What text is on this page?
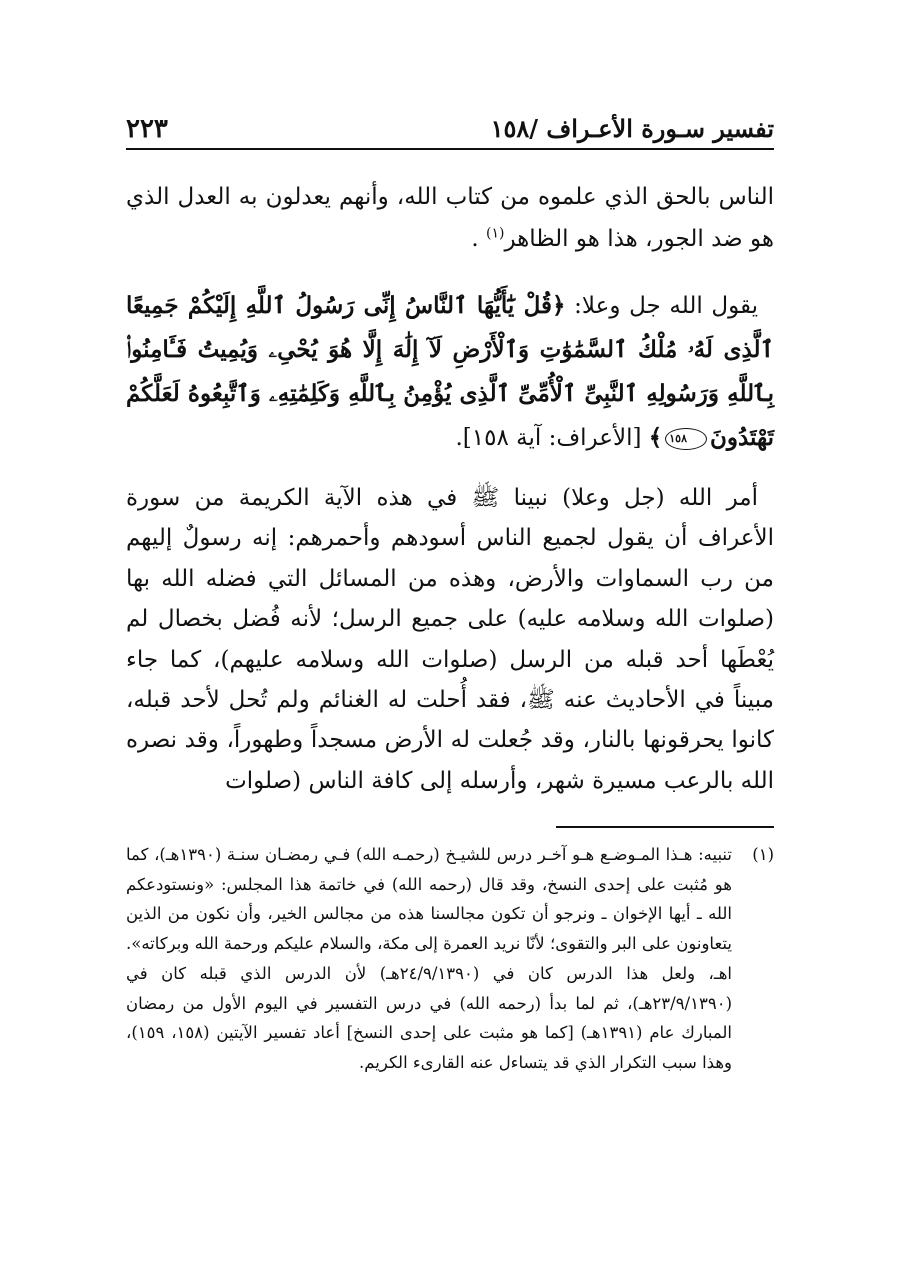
تفسير سـورة الأعـراف /١٥٨
٢٢٣

الناس بالحق الذي علموه من كتاب الله، وأنهم يعدلون به العدل الذي هو ضد الجور، هذا هو الظاهر$^{(١)}$ .

يقول الله جل وعلا: ﴿قُلْ يَٰٓأَيُّهَا ٱلنَّاسُ إِنِّى رَسُولُ ٱللَّهِ إِلَيْكُمْ جَمِيعًا ٱلَّذِى لَهُۥ مُلْكُ ٱلسَّمَٰوَٰتِ وَٱلْأَرْضِ لَآ إِلَٰهَ إِلَّا هُوَ يُحْىِۦ وَيُمِيتُ فَـَٔامِنُوا۟ بِٱللَّهِ وَرَسُولِهِ ٱلنَّبِىِّ ٱلْأُمِّىِّ ٱلَّذِى يُؤْمِنُ بِٱللَّهِ وَكَلِمَٰتِهِۦ وَٱتَّبِعُوهُ لَعَلَّكُمْ تَهْتَدُونَ١٥٨﴾ [الأعراف: آية ١٥٨].

أمر الله (جل وعلا) نبينا ﷺ في هذه الآية الكريمة من سورة الأعراف أن يقول لجميع الناس أسودهم وأحمرهم: إنه رسولٌ إليهم من رب السماوات والأرض، وهذه من المسائل التي فضله الله بها (صلوات الله وسلامه عليه) على جميع الرسل؛ لأنه فُضل بخصال لم يُعْطَها أحد قبله من الرسل (صلوات الله وسلامه عليهم)، كما جاء مبيناً في الأحاديث عنه ﷺ، فقد أُحلت له الغنائم ولم تُحل لأحد قبله، كانوا يحرقونها بالنار، وقد جُعلت له الأرض مسجداً وطهوراً، وقد نصره الله بالرعب مسيرة شهر، وأرسله إلى كافة الناس (صلوات

(١)
تنبيه: هـذا المـوضـع هـو آخـر درس للشيـخ (رحمـه الله) فـي رمضـان سنـة (١٣٩٠هـ)، كما هو مُثبت على إحدى النسخ، وقد قال (رحمه الله) في خاتمة هذا المجلس: «ونستودعكم الله ـ أيها الإخوان ـ ونرجو أن تكون مجالسنا هذه من مجالس الخير، وأن نكون من الذين يتعاونون على البر والتقوى؛ لأنّا نريد العمرة إلى مكة، والسلام عليكم ورحمة الله وبركاته». اهـ، ولعل هذا الدرس كان في (٢٤/٩/١٣٩٠هـ) لأن الدرس الذي قبله كان في (٢٣/٩/١٣٩٠هـ)، ثم لما بدأ (رحمه الله) في درس التفسير في اليوم الأول من رمضان المبارك عام (١٣٩١هـ) [كما هو مثبت على إحدى النسخ] أعاد تفسير الآيتين (١٥٨، ١٥٩)، وهذا سبب التكرار الذي قد يتساءل عنه القارىء الكريم.
